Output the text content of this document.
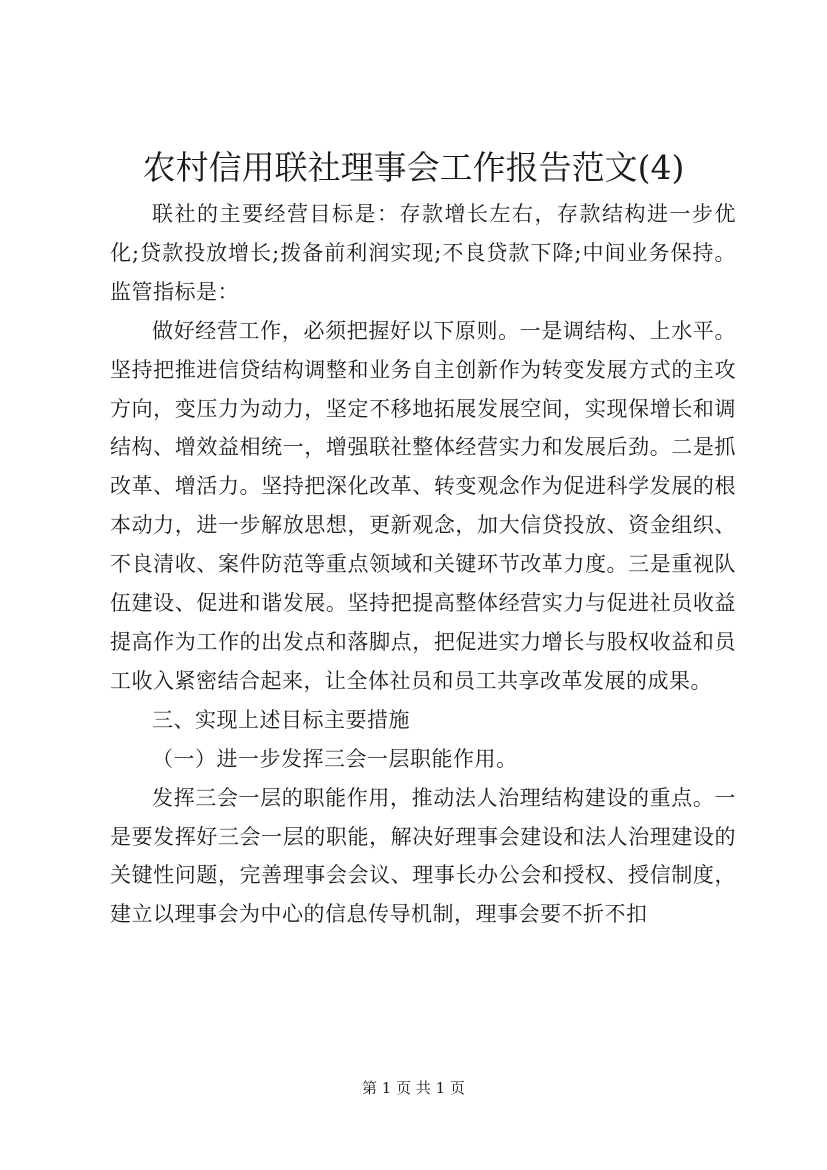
农村信用联社理事会工作报告范文(4)

联社的主要经营目标是：存款增长左右，存款结构进一步优化;贷款投放增长;拨备前利润实现;不良贷款下降;中间业务保持。监管指标是：

做好经营工作，必须把握好以下原则。一是调结构、上水平。坚持把推进信贷结构调整和业务自主创新作为转变发展方式的主攻方向，变压力为动力，坚定不移地拓展发展空间，实现保增长和调结构、增效益相统一，增强联社整体经营实力和发展后劲。二是抓改革、增活力。坚持把深化改革、转变观念作为促进科学发展的根本动力，进一步解放思想，更新观念，加大信贷投放、资金组织、不良清收、案件防范等重点领域和关键环节改革力度。三是重视队伍建设、促进和谐发展。坚持把提高整体经营实力与促进社员收益提高作为工作的出发点和落脚点，把促进实力增长与股权收益和员工收入紧密结合起来，让全体社员和员工共享改革发展的成果。

三、实现上述目标主要措施

（一）进一步发挥三会一层职能作用。

发挥三会一层的职能作用，推动法人治理结构建设的重点。一是要发挥好三会一层的职能，解决好理事会建设和法人治理建设的关键性问题，完善理事会会议、理事长办公会和授权、授信制度，建立以理事会为中心的信息传导机制，理事会要不折不扣

第 1 页 共 1 页
